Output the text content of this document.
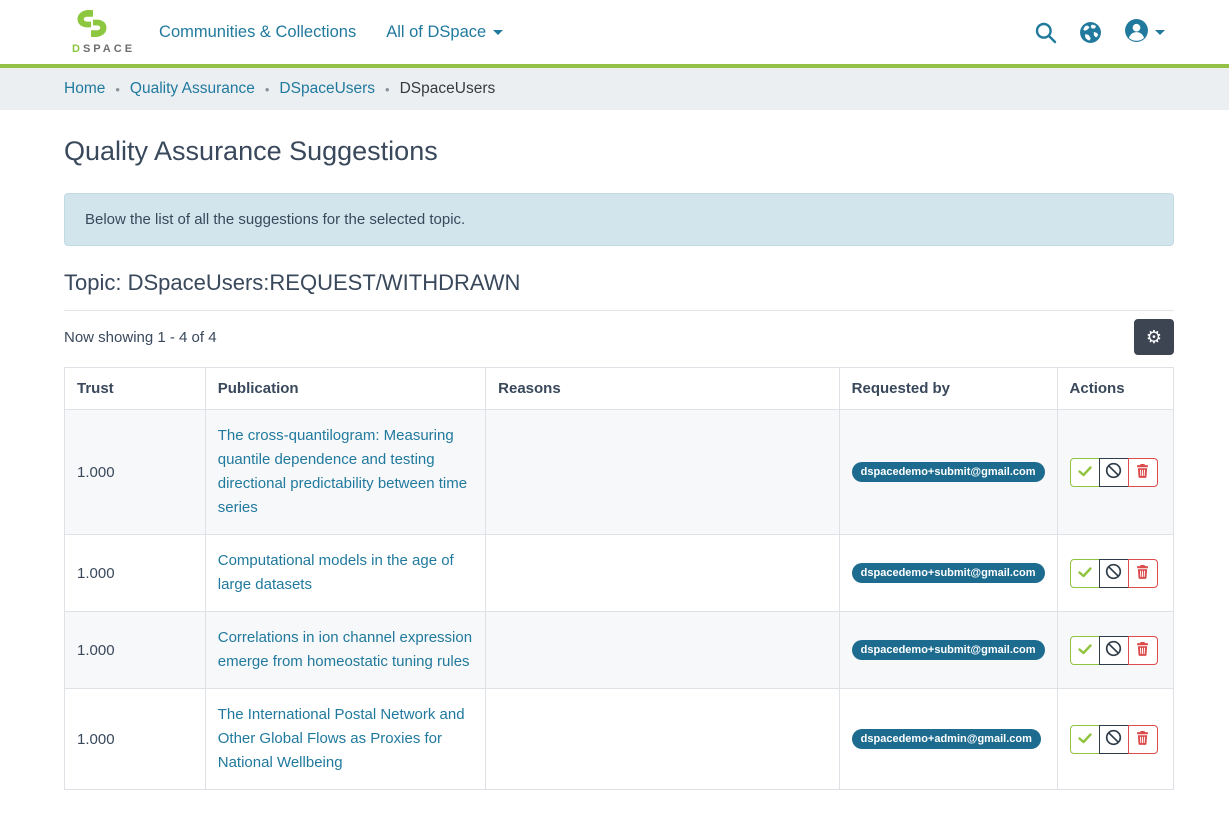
DSPACE
Communities & Collections All of DSpace
Home • Quality Assurance • DSpaceUsers • DSpaceUsers
Quality Assurance Suggestions
Below the list of all the suggestions for the selected topic.
Topic: DSpaceUsers:REQUEST/WITHDRAWN
Now showing 1 - 4 of 4	⚙
Trust	Publication	Reasons	Requested by	Actions
1.000	The cross-quantilogram: Measuring quantile dependence and testing directional predictability between time series		dspacedemo+submit@gmail.com	

1.000	Computational models in the age of large datasets		dspacedemo+submit@gmail.com	

1.000	Correlations in ion channel expression emerge from homeostatic tuning rules		dspacedemo+submit@gmail.com	

1.000	The International Postal Network and Other Global Flows as Proxies for National Wellbeing		dspacedemo+admin@gmail.com	
